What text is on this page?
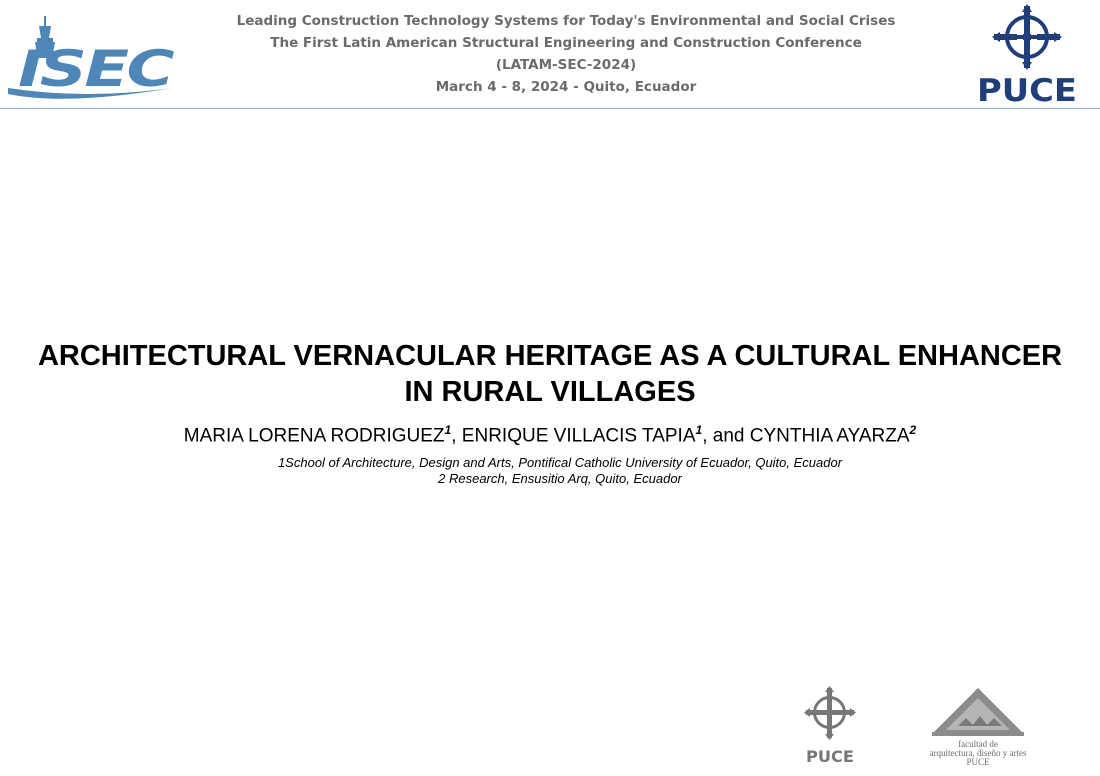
ISEC
Leading Construction Technology Systems for Today's Environmental and Social Crises
The First Latin American Structural Engineering and Construction Conference
(LATAM-SEC-2024)
March 4 - 8, 2024 - Quito, Ecuador	PUCE
ARCHITECTURAL VERNACULAR HERITAGE AS A CULTURAL ENHANCER
IN RURAL VILLAGES
MARIA LORENA RODRIGUEZ$^1$, ENRIQUE VILLACIS TAPIA$^1$, and CYNTHIA AYARZA$^2$
1School of Architecture, Design and Arts, Pontifical Catholic University of Ecuador, Quito, Ecuador
2 Research, Ensusitio Arq, Quito, Ecuador
PUCE
facultad de
arquitectura, diseño y artes
PUCE
